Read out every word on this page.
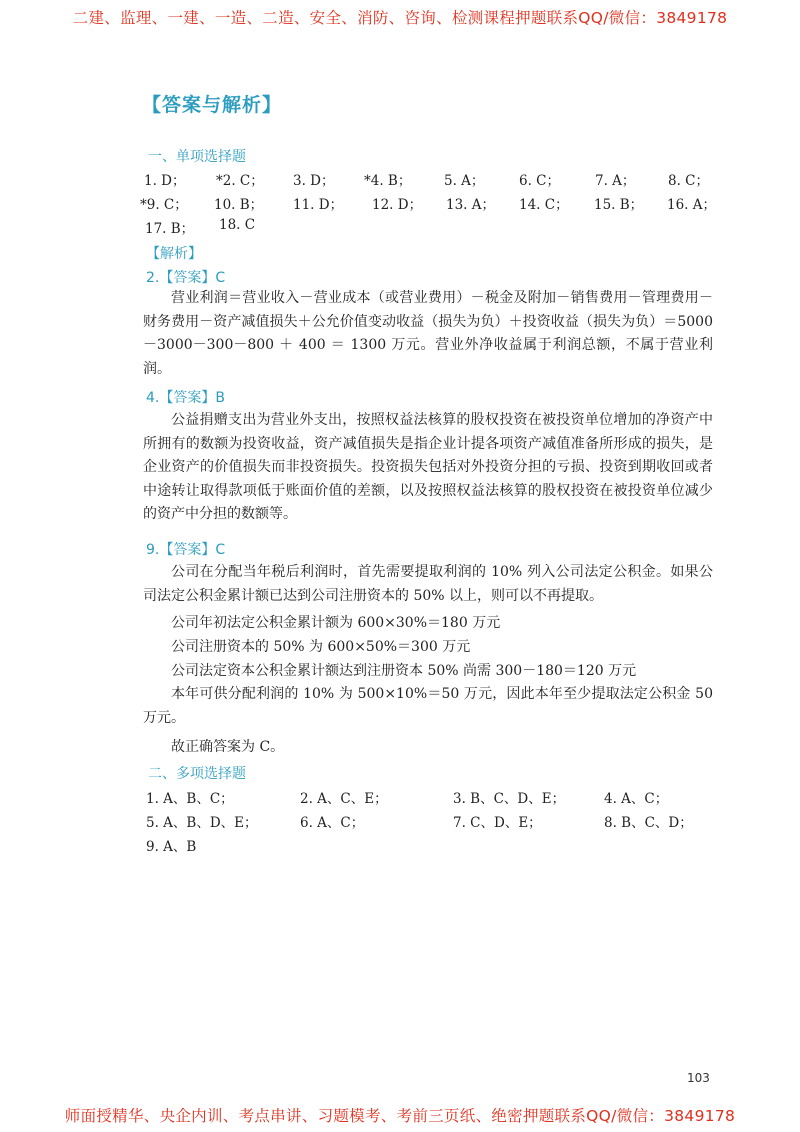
二建、监理、一建、一造、二造、安全、消防、咨询、检测课程押题联系QQ/微信：3849178
【答案与解析】
一、单项选择题
1. D； *2. C； 3. D； *4. B； 5. A；	6. C；	7. A； 8. C；
*9. C； 10. B； 11. D； 12. D； 13. A； 14. C； 15. B； 16. A；
17. B； 18. C
【解析】
2.【答案】C
营业利润＝营业收入－营业成本（或营业费用）－税金及附加－销售费用－管理费用－财务费用－资产减值损失＋公允价值变动收益（损失为负）＋投资收益（损失为负）＝5000－3000－300－800 ＋ 400 ＝ 1300 万元。营业外净收益属于利润总额，不属于营业利润。
4.【答案】B
公益捐赠支出为营业外支出，按照权益法核算的股权投资在被投资单位增加的净资产中所拥有的数额为投资收益，资产减值损失是指企业计提各项资产减值准备所形成的损失，是企业资产的价值损失而非投资损失。投资损失包括对外投资分担的亏损、投资到期收回或者中途转让取得款项低于账面价值的差额，以及按照权益法核算的股权投资在被投资单位减少的资产中分担的数额等。
9.【答案】C
公司在分配当年税后利润时，首先需要提取利润的 10% 列入公司法定公积金。如果公司法定公积金累计额已达到公司注册资本的 50% 以上，则可以不再提取。
公司年初法定公积金累计额为 600×30%＝180 万元
公司注册资本的 50% 为 600×50%＝300 万元
公司法定资本公积金累计额达到注册资本 50% 尚需 300－180＝120 万元
本年可供分配利润的 10% 为 500×10%＝50 万元，因此本年至少提取法定公积金 50 万元。
故正确答案为 C。
二、多项选择题
1. A、B、C；	2. A、C、E；	3. B、C、D、E；	4. A、C；
5. A、B、D、E；	6. A、C；	7. C、D、E；	8. B、C、D；
9. A、B
103
师面授精华、央企内训、考点串讲、习题模考、考前三页纸、绝密押题联系QQ/微信：3849178
